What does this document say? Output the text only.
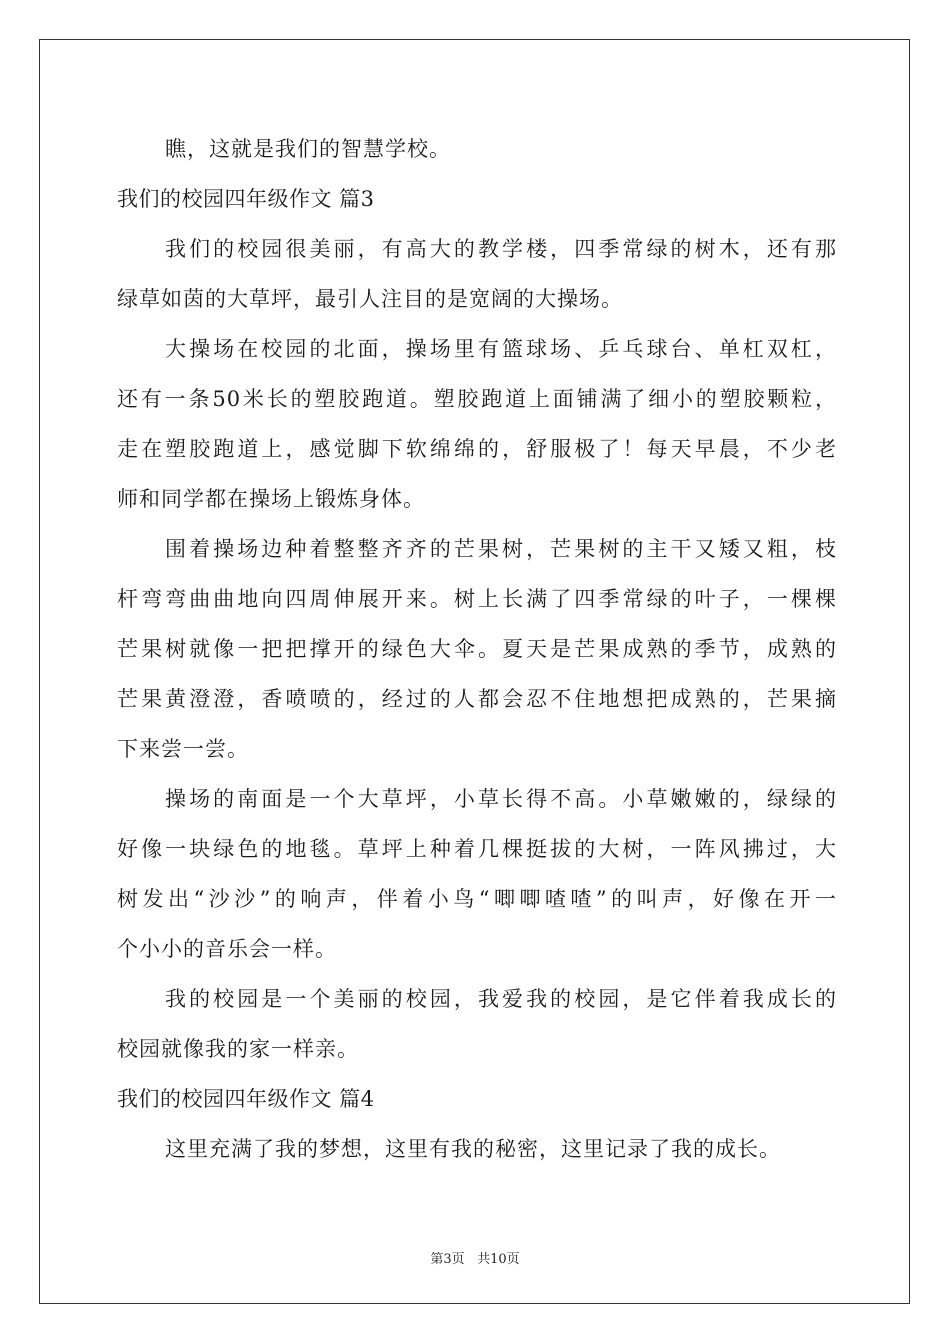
瞧，这就是我们的智慧学校。
我们的校园四年级作文 篇3
我们的校园很美丽，有高大的教学楼，四季常绿的树木，还有那
绿草如茵的大草坪，最引人注目的是宽阔的大操场。
大操场在校园的北面，操场里有篮球场、乒乓球台、单杠双杠，
还有一条50米长的塑胶跑道。塑胶跑道上面铺满了细小的塑胶颗粒，
走在塑胶跑道上，感觉脚下软绵绵的，舒服极了！每天早晨，不少老
师和同学都在操场上锻炼身体。
围着操场边种着整整齐齐的芒果树，芒果树的主干又矮又粗，枝
杆弯弯曲曲地向四周伸展开来。树上长满了四季常绿的叶子，一棵棵
芒果树就像一把把撑开的绿色大伞。夏天是芒果成熟的季节，成熟的
芒果黄澄澄，香喷喷的，经过的人都会忍不住地想把成熟的，芒果摘
下来尝一尝。
操场的南面是一个大草坪，小草长得不高。小草嫩嫩的，绿绿的
好像一块绿色的地毯。草坪上种着几棵挺拔的大树，一阵风拂过，大
树发出“沙沙”的响声，伴着小鸟“唧唧喳喳”的叫声，好像在开一
个小小的音乐会一样。
我的校园是一个美丽的校园，我爱我的校园，是它伴着我成长的
校园就像我的家一样亲。
我们的校园四年级作文 篇4
这里充满了我的梦想，这里有我的秘密，这里记录了我的成长。
第3页 共10页
